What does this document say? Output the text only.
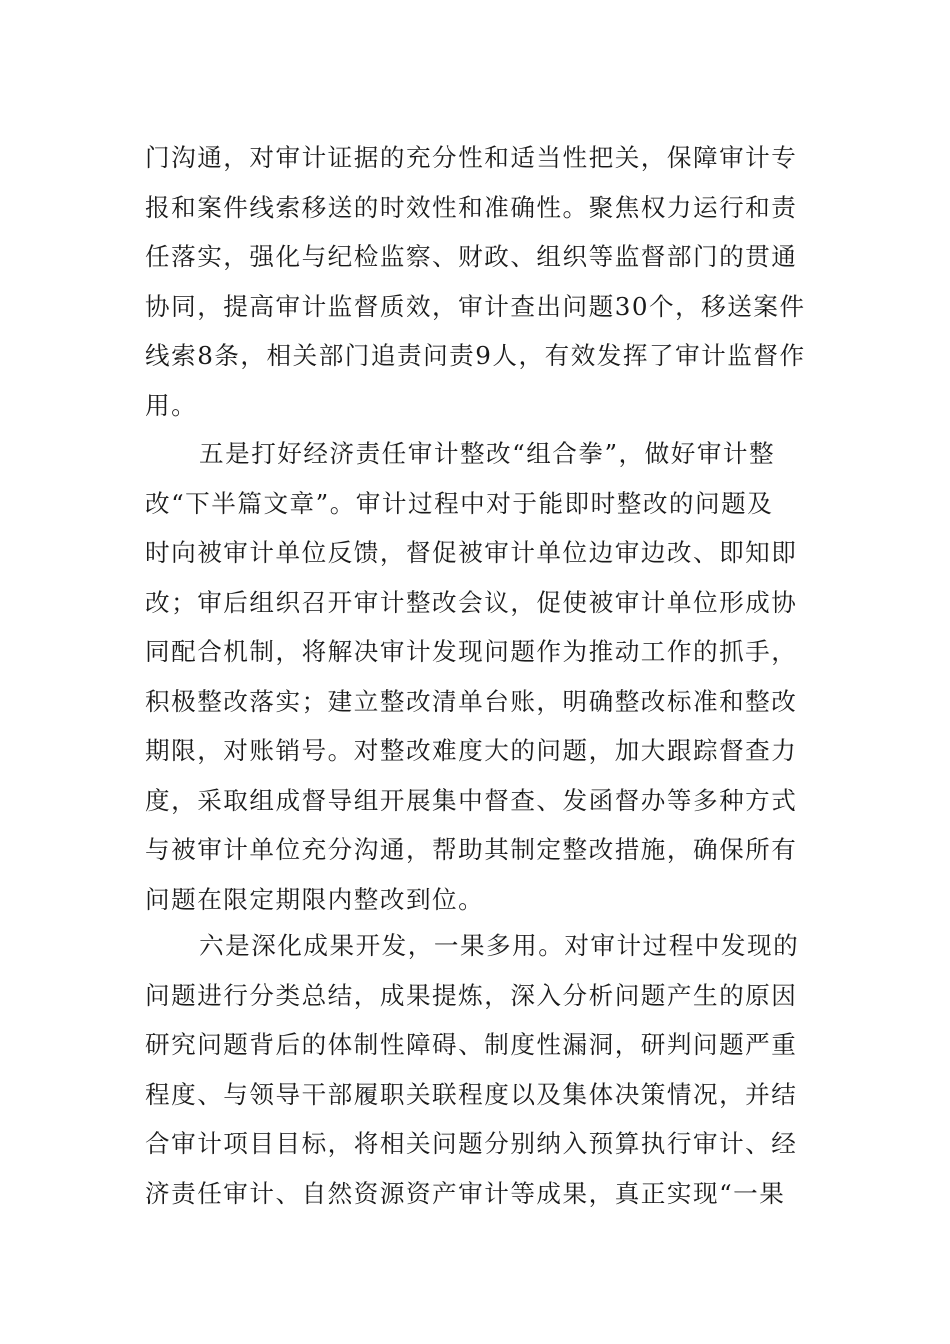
门沟通，对审计证据的充分性和适当性把关，保障审计专
报和案件线索移送的时效性和准确性。聚焦权力运行和责
任落实，强化与纪检监察、财政、组织等监督部门的贯通
协同，提高审计监督质效，审计查出问题30个，移送案件
线索8条，相关部门追责问责9人，有效发挥了审计监督作
用。
五是打好经济责任审计整改“组合拳”，做好审计整
改“下半篇文章”。审计过程中对于能即时整改的问题及
时向被审计单位反馈，督促被审计单位边审边改、即知即
改；审后组织召开审计整改会议，促使被审计单位形成协
同配合机制，将解决审计发现问题作为推动工作的抓手，
积极整改落实；建立整改清单台账，明确整改标准和整改
期限，对账销号。对整改难度大的问题，加大跟踪督查力
度，采取组成督导组开展集中督查、发函督办等多种方式
与被审计单位充分沟通，帮助其制定整改措施，确保所有
问题在限定期限内整改到位。
六是深化成果开发，一果多用。对审计过程中发现的
问题进行分类总结，成果提炼，深入分析问题产生的原因
研究问题背后的体制性障碍、制度性漏洞，研判问题严重
程度、与领导干部履职关联程度以及集体决策情况，并结
合审计项目目标，将相关问题分别纳入预算执行审计、经
济责任审计、自然资源资产审计等成果，真正实现“一果
